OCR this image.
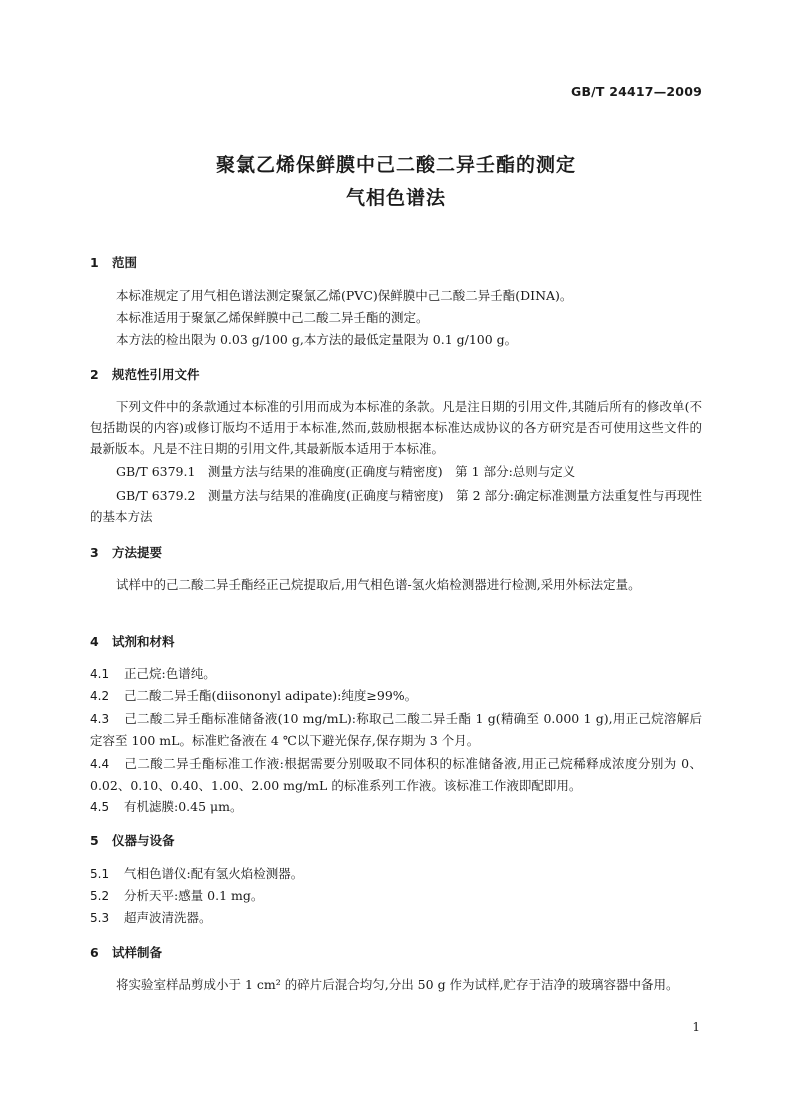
GB/T 24417—2009
聚氯乙烯保鲜膜中己二酸二异壬酯的测定
气相色谱法
1 范围
本标准规定了用气相色谱法测定聚氯乙烯(PVC)保鲜膜中己二酸二异壬酯(DINA)。
本标准适用于聚氯乙烯保鲜膜中己二酸二异壬酯的测定。
本方法的检出限为 0.03 g/100 g,本方法的最低定量限为 0.1 g/100 g。
2 规范性引用文件
下列文件中的条款通过本标准的引用而成为本标准的条款。凡是注日期的引用文件,其随后所有的修改单(不包括勘误的内容)或修订版均不适用于本标准,然而,鼓励根据本标准达成协议的各方研究是否可使用这些文件的最新版本。凡是不注日期的引用文件,其最新版本适用于本标准。
GB/T 6379.1　测量方法与结果的准确度(正确度与精密度)　第 1 部分:总则与定义
GB/T 6379.2　测量方法与结果的准确度(正确度与精密度)　第 2 部分:确定标准测量方法重复性与再现性的基本方法
3 方法提要
试样中的己二酸二异壬酯经正己烷提取后,用气相色谱-氢火焰检测器进行检测,采用外标法定量。
4 试剂和材料
4.1 正己烷:色谱纯。
4.2 己二酸二异壬酯(diisononyl adipate):纯度≥99%。
4.3 己二酸二异壬酯标准储备液(10 mg/mL):称取己二酸二异壬酯 1 g(精确至 0.000 1 g),用正己烷溶解后定容至 100 mL。标准贮备液在 4 ℃以下避光保存,保存期为 3 个月。
4.4 己二酸二异壬酯标准工作液:根据需要分别吸取不同体积的标准储备液,用正己烷稀释成浓度分别为 0、0.02、0.10、0.40、1.00、2.00 mg/mL 的标准系列工作液。该标准工作液即配即用。
4.5 有机滤膜:0.45 μm。
5 仪器与设备
5.1 气相色谱仪:配有氢火焰检测器。
5.2 分析天平:感量 0.1 mg。
5.3 超声波清洗器。
6 试样制备
将实验室样品剪成小于 1 cm² 的碎片后混合均匀,分出 50 g 作为试样,贮存于洁净的玻璃容器中备用。
1
